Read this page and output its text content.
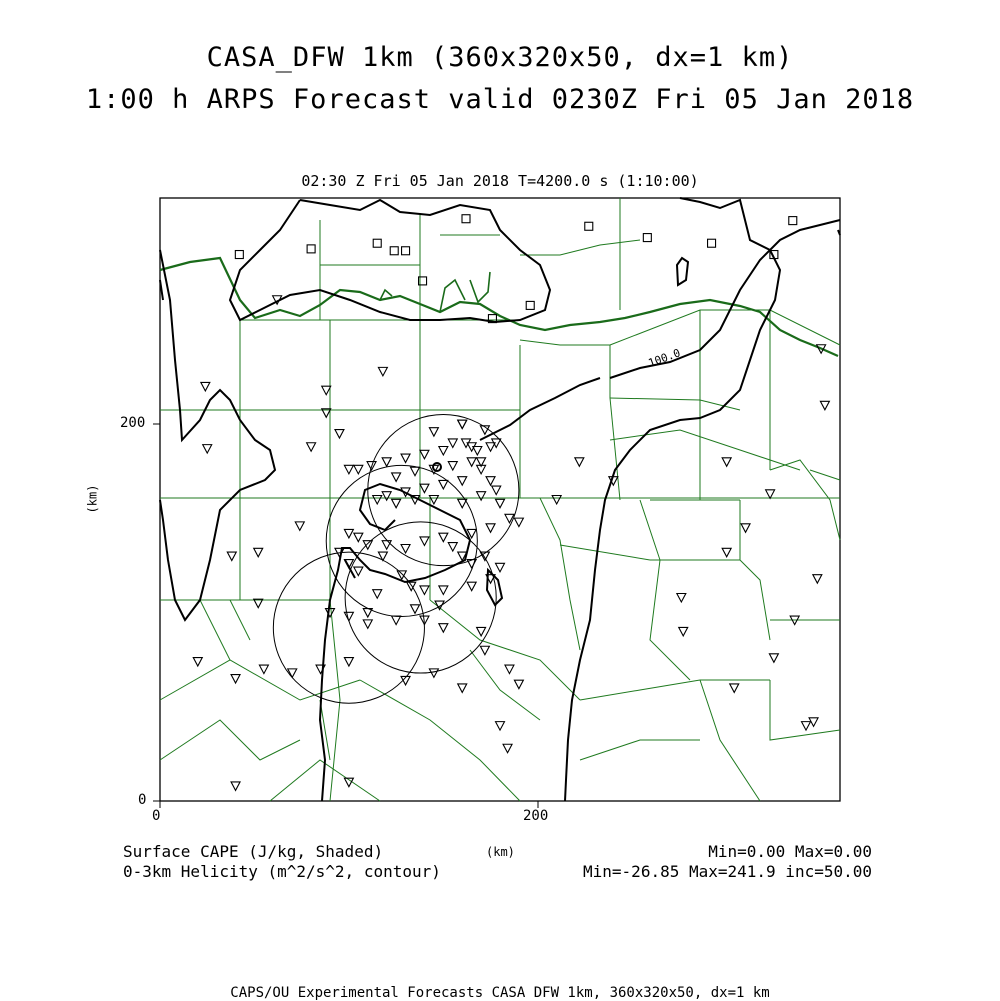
CASA_DFW 1km (360x320x50, dx=1 km)
1:00 h ARPS Forecast valid 0230Z Fri 05 Jan 2018
02:30 Z Fri 05 Jan 2018 T=4200.0 s (1:10:00)
100.0
0	200
0
200
(km)
(km)
Surface CAPE (J/kg, Shaded)
0-3km Helicity (m^2/s^2, contour)
Min=0.00 Max=0.00
Min=-26.85 Max=241.9 inc=50.00
CAPS/OU Experimental Forecasts CASA DFW 1km, 360x320x50, dx=1 km
